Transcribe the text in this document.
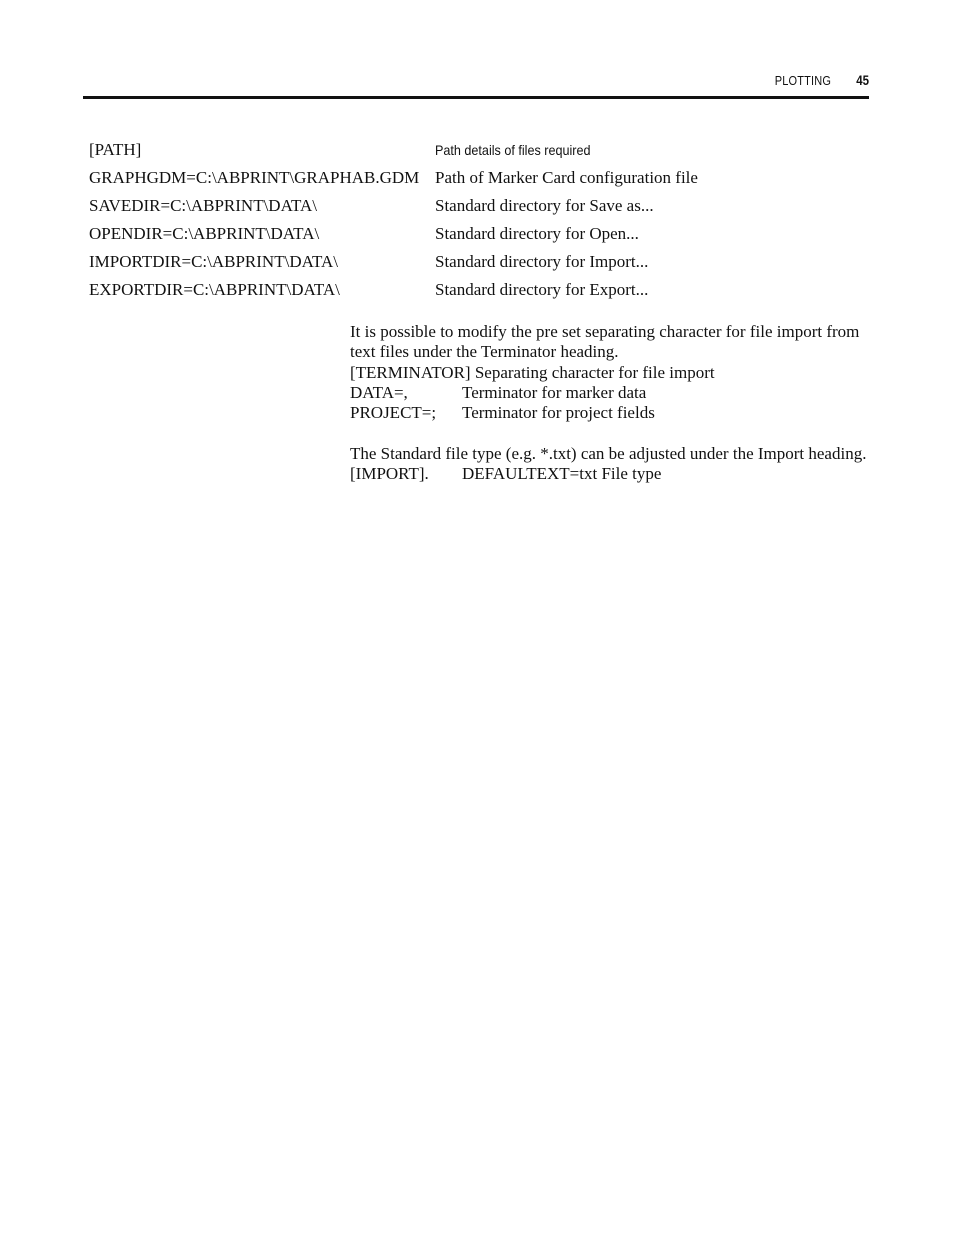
PLOTTING 45
[PATH]	Path details of files required
GRAPHGDM=C:\ABPRINT\GRAPHAB.GDM Path of Marker Card configuration file
SAVEDIR=C:\ABPRINT\DATA\	Standard directory for Save as...
OPENDIR=C:\ABPRINT\DATA\	Standard directory for Open...
IMPORTDIR=C:\ABPRINT\DATA\	Standard directory for Import...
EXPORTDIR=C:\ABPRINT\DATA\	Standard directory for Export...
It is possible to modify the pre set separating character for file import from
text files under the Terminator heading.
[TERMINATOR] Separating character for file import
DATA=,	Terminator for marker data
PROJECT=; Terminator for project fields
The Standard file type (e.g. *.txt) can be adjusted under the Import heading.
[IMPORT]. DEFAULTEXT=txt File type
